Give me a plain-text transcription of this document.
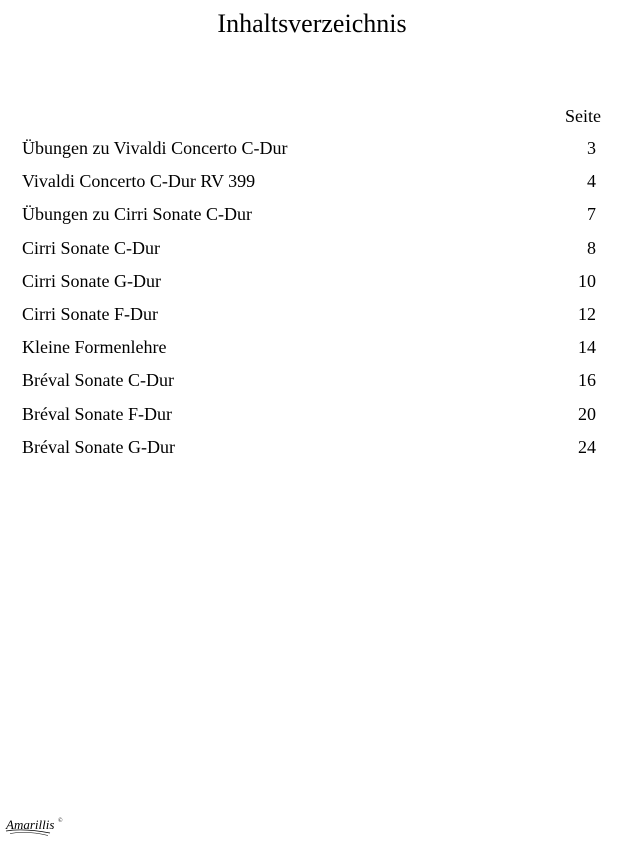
Inhaltsverzeichnis
Seite
Übungen zu Vivaldi Concerto C-Dur	3
Vivaldi Concerto C-Dur RV 399	4
Übungen zu Cirri Sonate C-Dur	7
Cirri Sonate C-Dur	8
Cirri Sonate G-Dur	10
Cirri Sonate F-Dur	12
Kleine Formenlehre	14
Bréval Sonate C-Dur	16
Bréval Sonate F-Dur	20
Bréval Sonate G-Dur	24
Amarillis ©
